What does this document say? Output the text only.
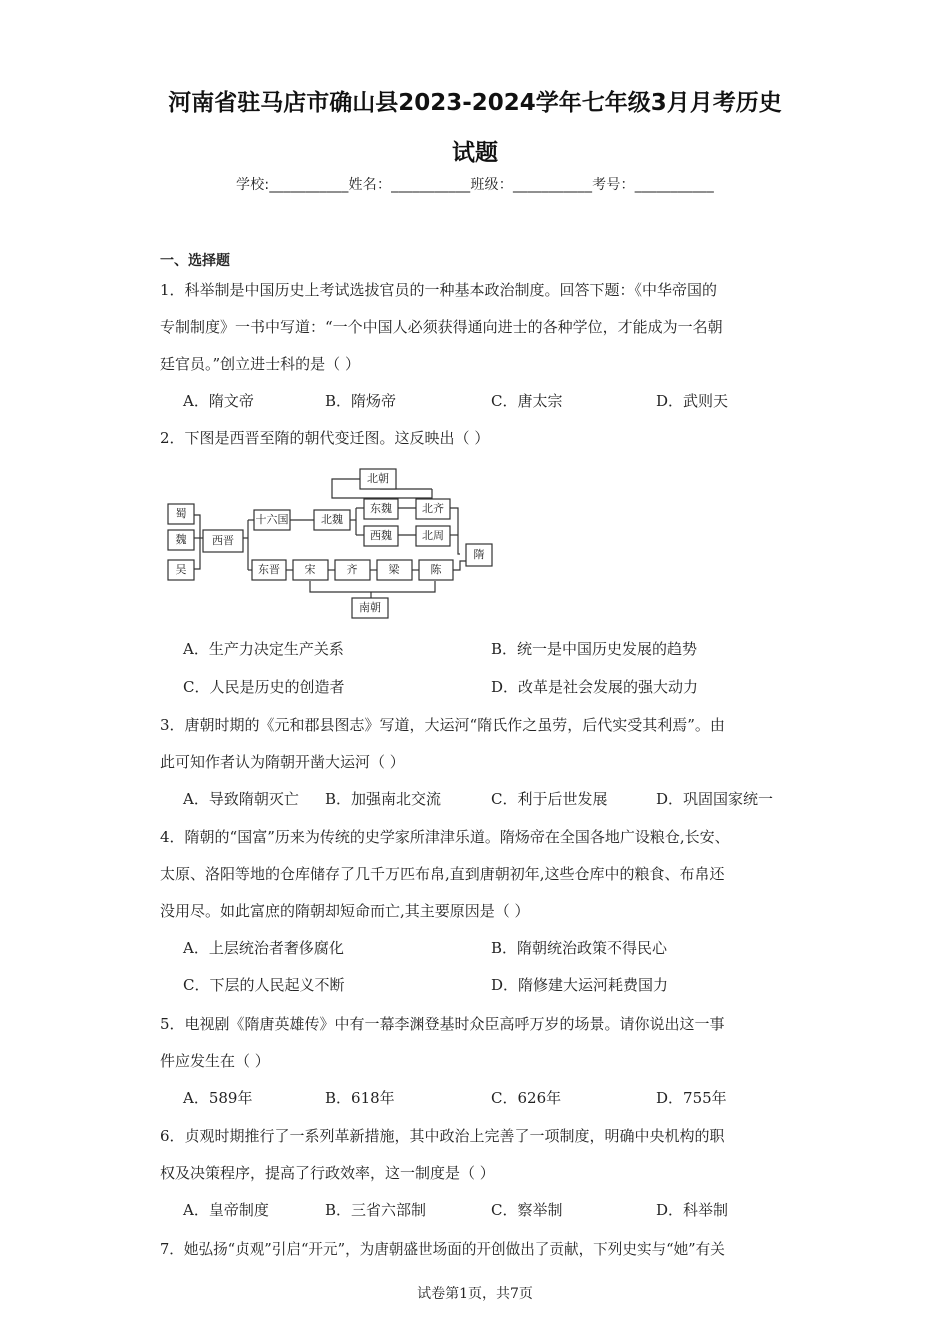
河南省驻马店市确山县2023-2024学年七年级3月月考历史
试题
学校:___________姓名：___________班级：___________考号：___________
一、选择题
1．科举制是中国历史上考试选拔官员的一种基本政治制度。回答下题：《中华帝国的
专制制度》一书中写道：“一个中国人必须获得通向进士的各种学位，才能成为一名朝
廷官员。”创立进士科的是（ ）
A．隋文帝	B．隋炀帝	C．唐太宗	D．武则天
2．下图是西晋至隋的朝代变迁图。这反映出（ ）
蜀
魏
吴
西晋
十六国	北魏
北朝
东魏	北齐
西魏	北周
隋
东晋 宋	齐	梁	陈
南朝
A．生产力决定生产关系	B．统一是中国历史发展的趋势
C．人民是历史的创造者	D．改革是社会发展的强大动力
3．唐朝时期的《元和郡县图志》写道，大运河“隋氏作之虽劳，后代实受其利焉”。由
此可知作者认为隋朝开凿大运河（ ）
A．导致隋朝灭亡 B．加强南北交流	C．利于后世发展	D．巩固国家统一
4．隋朝的“国富”历来为传统的史学家所津津乐道。隋炀帝在全国各地广设粮仓,长安、
太原、洛阳等地的仓库储存了几千万匹布帛,直到唐朝初年,这些仓库中的粮食、布帛还
没用尽。如此富庶的隋朝却短命而亡,其主要原因是（ ）
A．上层统治者奢侈腐化	B．隋朝统治政策不得民心
C．下层的人民起义不断	D．隋修建大运河耗费国力
5．电视剧《隋唐英雄传》中有一幕李渊登基时众臣高呼万岁的场景。请你说出这一事
件应发生在（ ）
A．589年	B．618年	C．626年	D．755年
6．贞观时期推行了一系列革新措施，其中政治上完善了一项制度，明确中央机构的职
权及决策程序，提高了行政效率，这一制度是（ ）
A．皇帝制度	B．三省六部制	C．察举制	D．科举制
7．她弘扬“贞观”引启“开元”，为唐朝盛世场面的开创做出了贡献，下列史实与“她”有关
试卷第1页，共7页
